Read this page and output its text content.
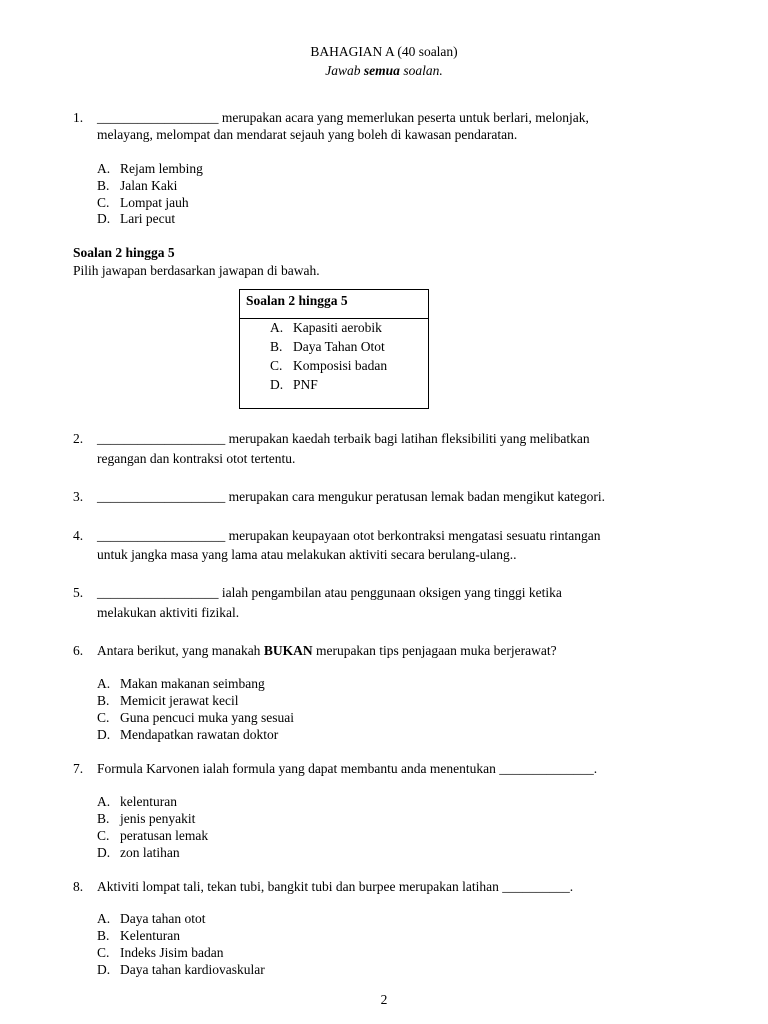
BAHAGIAN A (40 soalan)
Jawab semua soalan.
1. __________________ merupakan acara yang memerlukan peserta untuk berlari, melonjak,
melayang, melompat dan mendarat sejauh yang boleh di kawasan pendaratan.
A. Rejam lembing
B. Jalan Kaki
C. Lompat jauh
D. Lari pecut
Soalan 2 hingga 5
Pilih jawapan berdasarkan jawapan di bawah.
Soalan 2 hingga 5
A. Kapasiti aerobik
B. Daya Tahan Otot
C. Komposisi badan
D. PNF
2. ___________________ merupakan kaedah terbaik bagi latihan fleksibiliti yang melibatkan
regangan dan kontraksi otot tertentu.
3. ___________________ merupakan cara mengukur peratusan lemak badan mengikut kategori.
4. ___________________ merupakan keupayaan otot berkontraksi mengatasi sesuatu rintangan
untuk jangka masa yang lama atau melakukan aktiviti secara berulang-ulang..
5. __________________ ialah pengambilan atau penggunaan oksigen yang tinggi ketika
melakukan aktiviti fizikal.
6. Antara berikut, yang manakah BUKAN merupakan tips penjagaan muka berjerawat?
A. Makan makanan seimbang
B. Memicit jerawat kecil
C. Guna pencuci muka yang sesuai
D. Mendapatkan rawatan doktor
7. Formula Karvonen ialah formula yang dapat membantu anda menentukan ______________.
A. kelenturan
B. jenis penyakit
C. peratusan lemak
D. zon latihan
8. Aktiviti lompat tali, tekan tubi, bangkit tubi dan burpee merupakan latihan __________.
A. Daya tahan otot
B. Kelenturan
C. Indeks Jisim badan
D. Daya tahan kardiovaskular
2
